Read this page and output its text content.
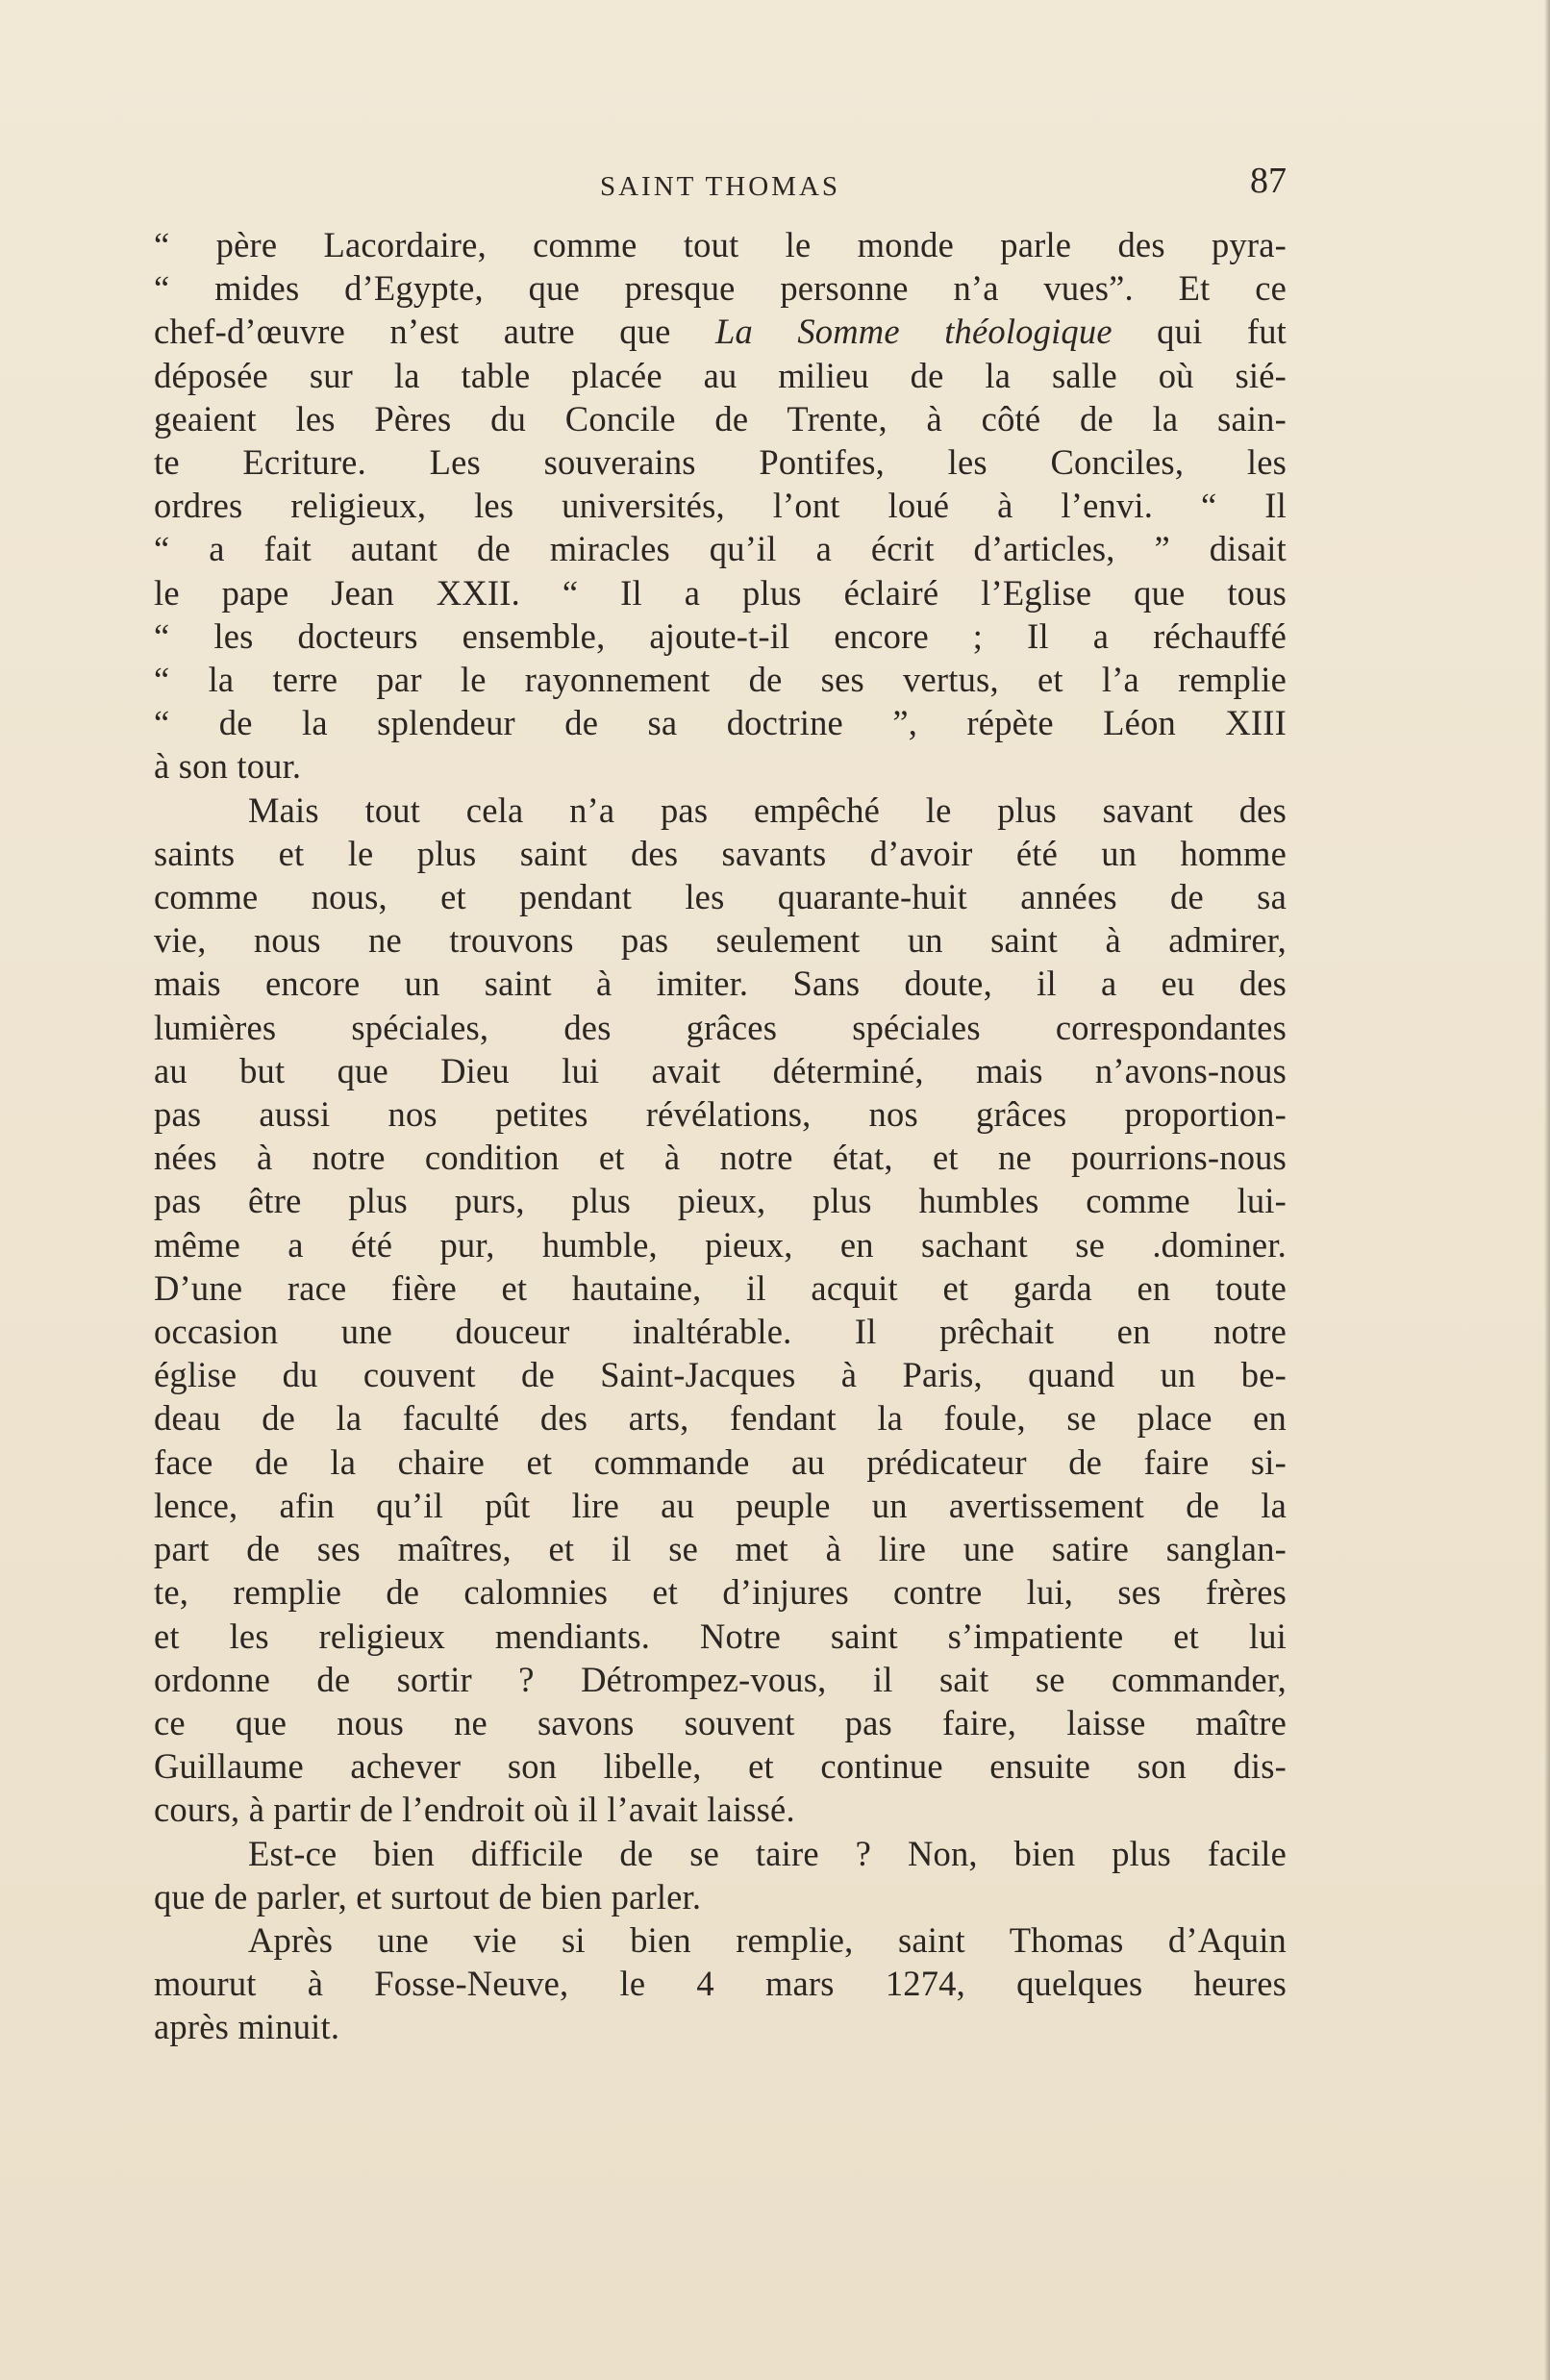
SAINT THOMAS	87
“ père Lacordaire, comme tout le monde parle des pyra-
“ mides d’Egypte, que presque personne n’a vues”. Et ce
chef-d’œuvre n’est autre que La Somme théologique qui fut
déposée sur la table placée au milieu de la salle où sié-
geaient les Pères du Concile de Trente, à côté de la sain-
te Ecriture. Les souverains Pontifes, les Conciles, les
ordres religieux, les universités, l’ont loué à l’envi. “ Il
“ a fait autant de miracles qu’il a écrit d’articles, ” disait
le pape Jean XXII. “ Il a plus éclairé l’Eglise que tous
“ les docteurs ensemble, ajoute-t-il encore ; Il a réchauffé
“ la terre par le rayonnement de ses vertus, et l’a remplie
“ de la splendeur de sa doctrine ”, répète Léon XIII
à son tour.
Mais tout cela n’a pas empêché le plus savant des
saints et le plus saint des savants d’avoir été un homme
comme nous, et pendant les quarante-huit années de sa
vie, nous ne trouvons pas seulement un saint à admirer,
mais encore un saint à imiter. Sans doute, il a eu des
lumières spéciales, des grâces spéciales correspondantes
au but que Dieu lui avait déterminé, mais n’avons-nous
pas aussi nos petites révélations, nos grâces proportion-
nées à notre condition et à notre état, et ne pourrions-nous
pas être plus purs, plus pieux, plus humbles comme lui-
même a été pur, humble, pieux, en sachant se .dominer.
D’une race fière et hautaine, il acquit et garda en toute
occasion une douceur inaltérable. Il prêchait en notre
église du couvent de Saint-Jacques à Paris, quand un be-
deau de la faculté des arts, fendant la foule, se place en
face de la chaire et commande au prédicateur de faire si-
lence, afin qu’il pût lire au peuple un avertissement de la
part de ses maîtres, et il se met à lire une satire sanglan-
te, remplie de calomnies et d’injures contre lui, ses frères
et les religieux mendiants. Notre saint s’impatiente et lui
ordonne de sortir ? Détrompez-vous, il sait se commander,
ce que nous ne savons souvent pas faire, laisse maître
Guillaume achever son libelle, et continue ensuite son dis-
cours, à partir de l’endroit où il l’avait laissé.
Est-ce bien difficile de se taire ? Non, bien plus facile
que de parler, et surtout de bien parler.
Après une vie si bien remplie, saint Thomas d’Aquin
mourut à Fosse-Neuve, le 4 mars 1274, quelques heures
après minuit.
